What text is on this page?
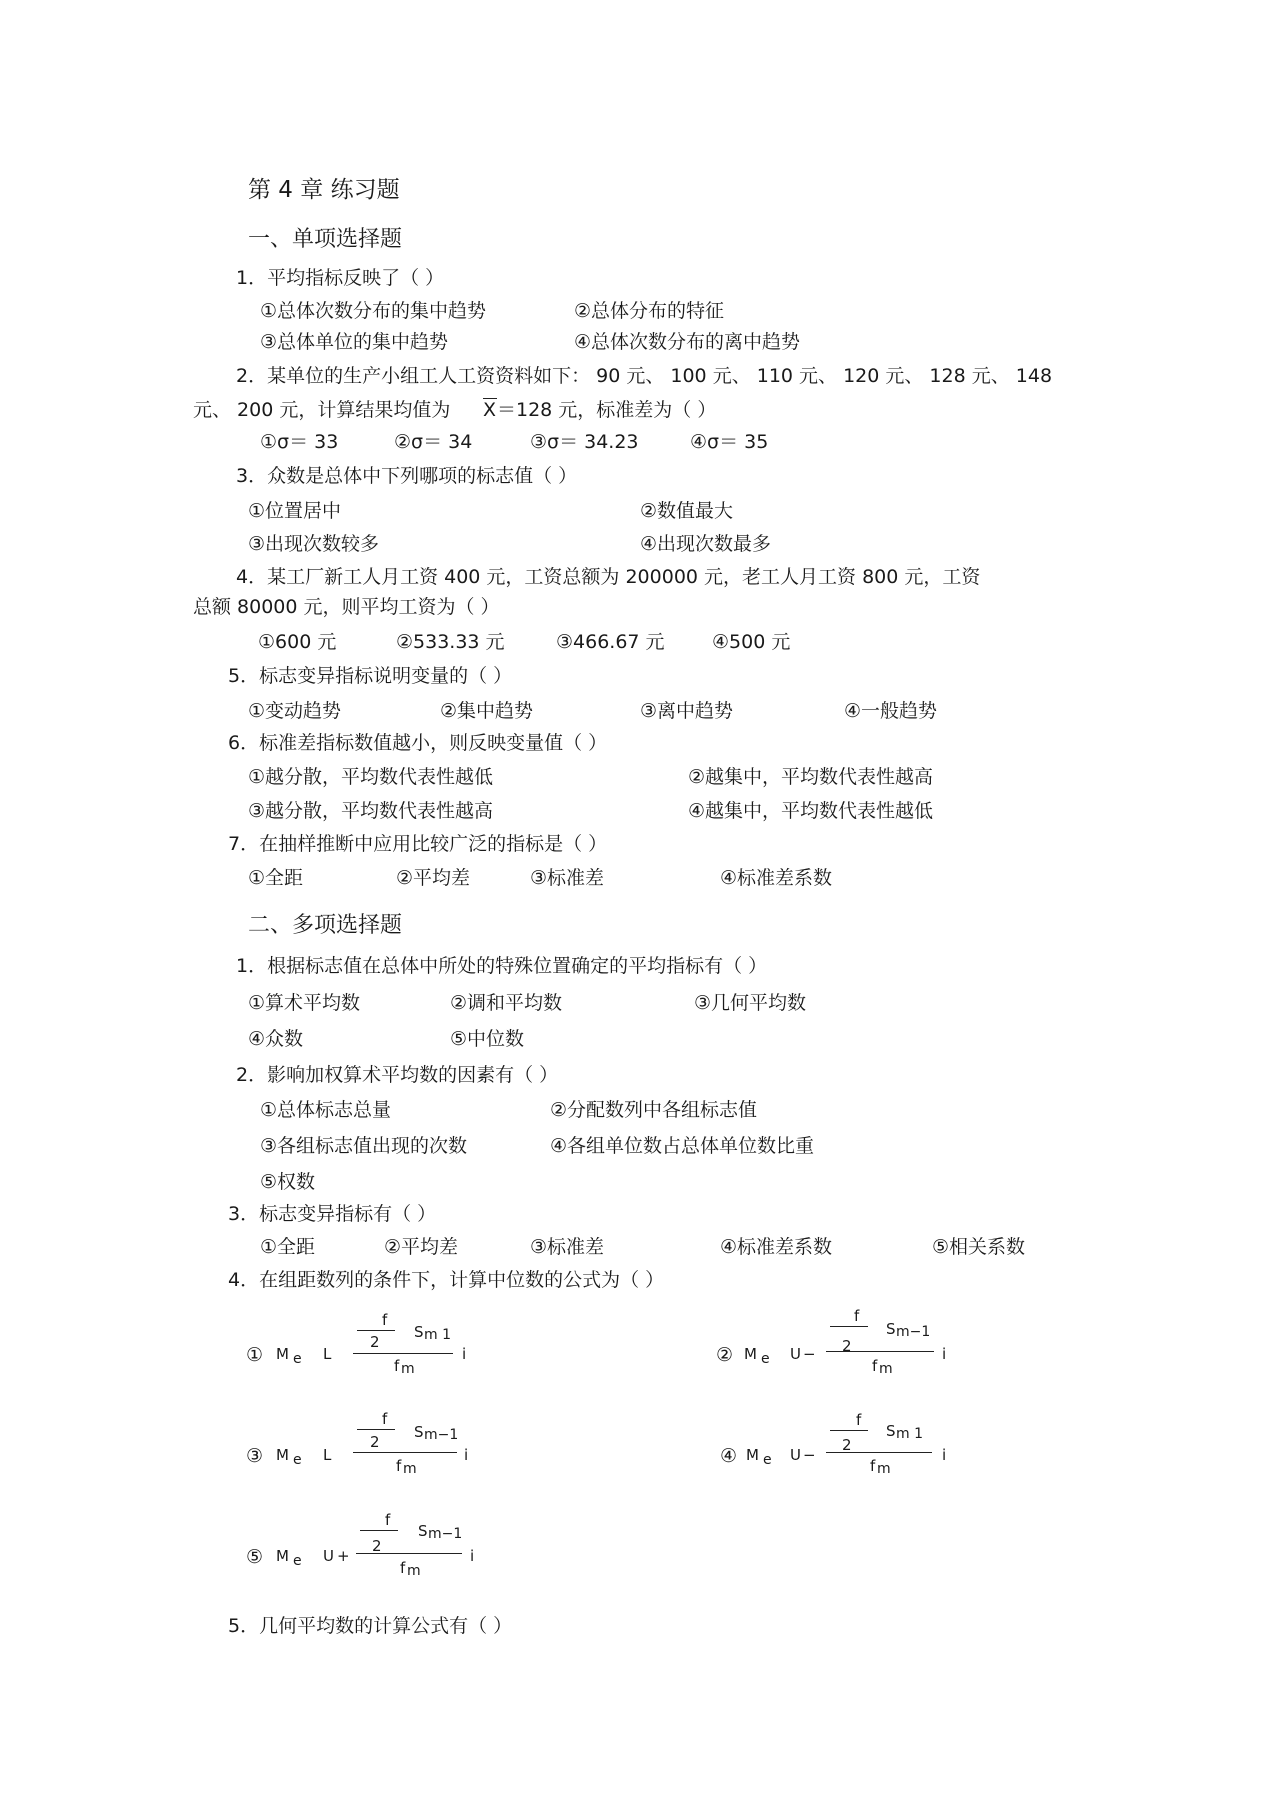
第 4 章 练习题
一、单项选择题
1．平均指标反映了（ ）
①总体次数分布的集中趋势	②总体分布的特征
③总体单位的集中趋势	④总体次数分布的离中趋势
2．某单位的生产小组工人工资资料如下： 90 元、 100 元、 110 元、 120 元、 128 元、 148
元、 200 元，计算结果均值为 X ＝128 元，标准差为（ ）
①σ＝ 33	②σ＝ 34	③σ＝ 34.23	④σ＝ 35
3．众数是总体中下列哪项的标志值（ ）
①位置居中	②数值最大
③出现次数较多	④出现次数最多
4．某工厂新工人月工资 400 元，工资总额为 200000 元，老工人月工资 800 元，工资
总额 80000 元，则平均工资为（ ）
①600 元	②533.33 元	③466.67 元 ④500 元
5．标志变异指标说明变量的（ ）
①变动趋势	②集中趋势	③离中趋势	④一般趋势
6．标准差指标数值越小，则反映变量值（ ）
①越分散，平均数代表性越低	②越集中，平均数代表性越高
③越分散，平均数代表性越高	④越集中，平均数代表性越低
7．在抽样推断中应用比较广泛的指标是（ ）
①全距	②平均差	③标准差	④标准差系数
二、多项选择题
1．根据标志值在总体中所处的特殊位置确定的平均指标有（ ）
①算术平均数	②调和平均数	③几何平均数
④众数	⑤中位数
2．影响加权算术平均数的因素有（ ）
①总体标志总量	②分配数列中各组标志值
③各组标志值出现的次数	④各组单位数占总体单位数比重
⑤权数
3．标志变异指标有（ ）
①全距	②平均差	③标准差	④标准差系数	⑤相关系数
4．在组距数列的条件下，计算中位数的公式为（ ）
① M e L
f
2
S m 1
f m
i	② M e U −
f
2
S m−1
f m
i
③ M e L
f
2
S m−1
f m
i	④ M e U −
f
2
S m 1
f m
i
⑤ M e U +
f
2
S m−1
f m
i
5．几何平均数的计算公式有（ ）
